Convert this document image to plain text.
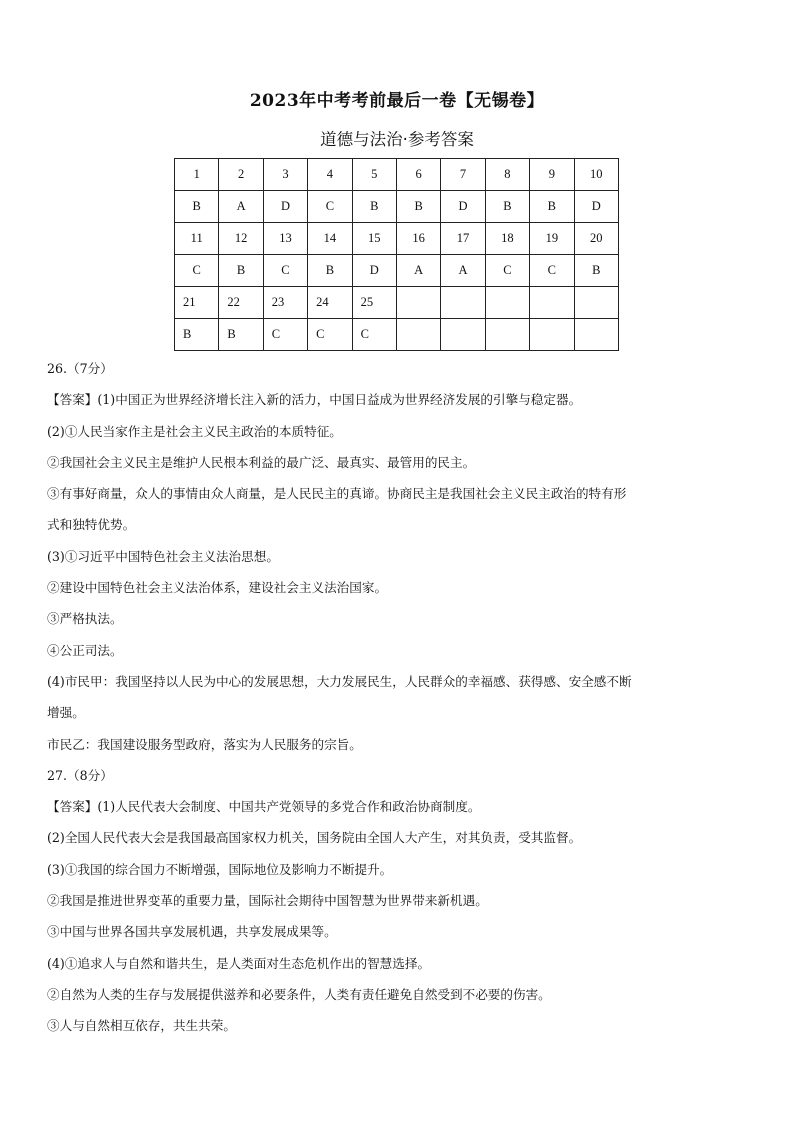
2023年中考考前最后一卷【无锡卷】
道德与法治·参考答案
1	2	3	4	5	6	7	8	9	10
B	A	D	C	B	B	D	B	B	D
11	12	13	14	15	16	17	18	19	20
C	B	C	B	D	A	A	C	C	B
21	22	23	24	25					
B	B	C	C	C					
26.（7分）
【答案】(1)中国正为世界经济增长注入新的活力，中国日益成为世界经济发展的引擎与稳定器。
(2)①人民当家作主是社会主义民主政治的本质特征。
②我国社会主义民主是维护人民根本利益的最广泛、最真实、最管用的民主。
③有事好商量，众人的事情由众人商量，是人民民主的真谛。协商民主是我国社会主义民主政治的特有形
式和独特优势。
(3)①习近平中国特色社会主义法治思想。
②建设中国特色社会主义法治体系，建设社会主义法治国家。
③严格执法。
④公正司法。
(4)市民甲：我国坚持以人民为中心的发展思想，大力发展民生，人民群众的幸福感、获得感、安全感不断
增强。
市民乙：我国建设服务型政府，落实为人民服务的宗旨。
27.（8分）
【答案】(1)人民代表大会制度、中国共产党领导的多党合作和政治协商制度。
(2)全国人民代表大会是我国最高国家权力机关，国务院由全国人大产生，对其负责，受其监督。
(3)①我国的综合国力不断增强，国际地位及影响力不断提升。
②我国是推进世界变革的重要力量，国际社会期待中国智慧为世界带来新机遇。
③中国与世界各国共享发展机遇，共享发展成果等。
(4)①追求人与自然和谐共生，是人类面对生态危机作出的智慧选择。
②自然为人类的生存与发展提供滋养和必要条件，人类有责任避免自然受到不必要的伤害。
③人与自然相互依存，共生共荣。
